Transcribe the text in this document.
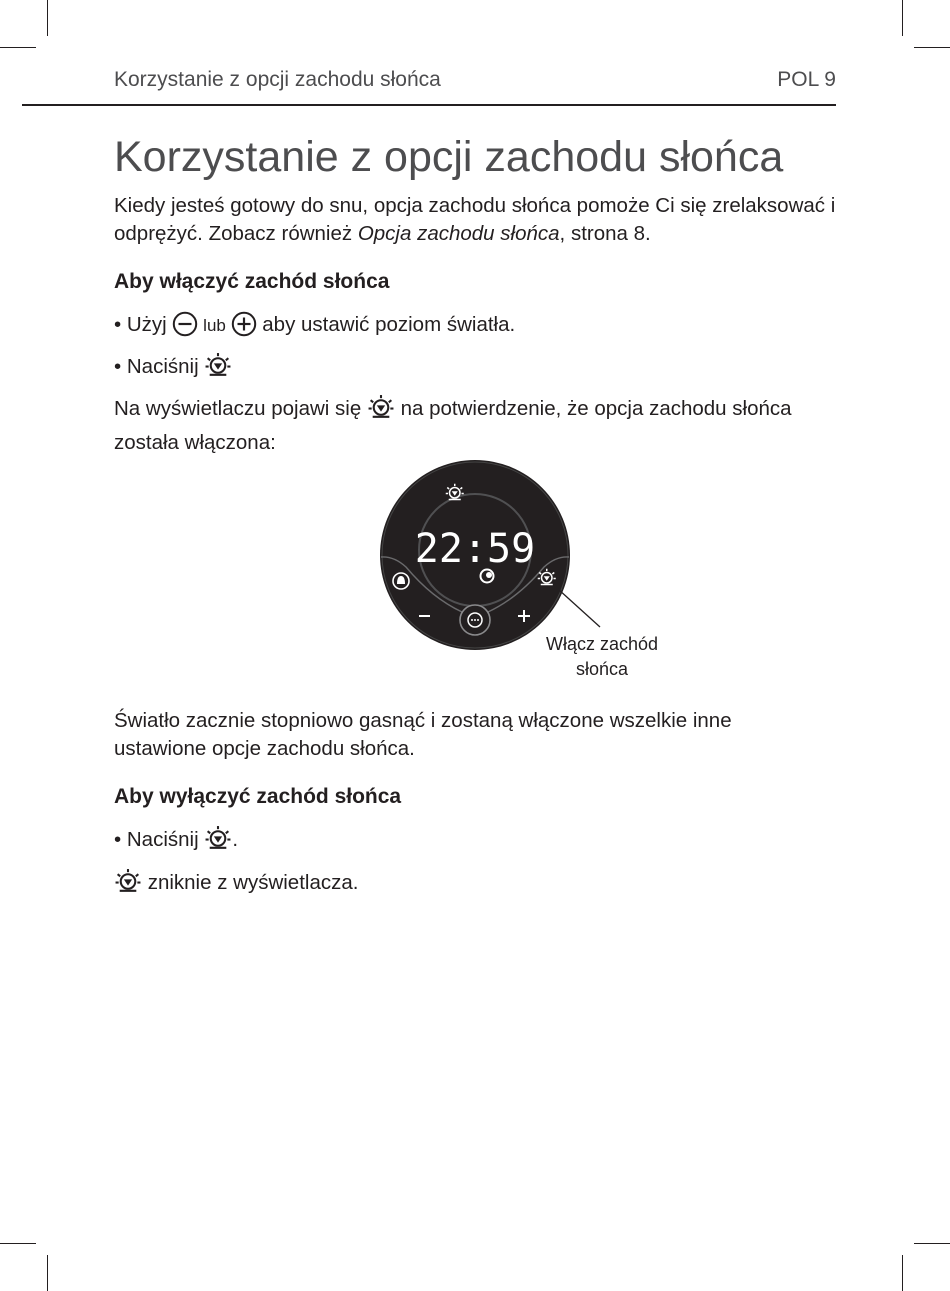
Korzystanie z opcji zachodu słońca	POL 9
Korzystanie z opcji zachodu słońca

Kiedy jesteś gotowy do snu, opcja zachodu słońca pomoże Ci się zrelaksować i odprężyć. Zobacz również Opcja zachodu słońca, strona 8.

Aby włączyć zachód słońca

• Użyj  lub  aby ustawić poziom światła.

• Naciśnij

Na wyświetlaczu pojawi się  na potwierdzenie, że opcja zachodu słońca została włączona:

22:59
Włącz zachód
słońca

Światło zacznie stopniowo gasnąć i zostaną włączone wszelkie inne ustawione opcje zachodu słońca.

Aby wyłączyć zachód słońca

• Naciśnij .

zniknie z wyświetlacza.
